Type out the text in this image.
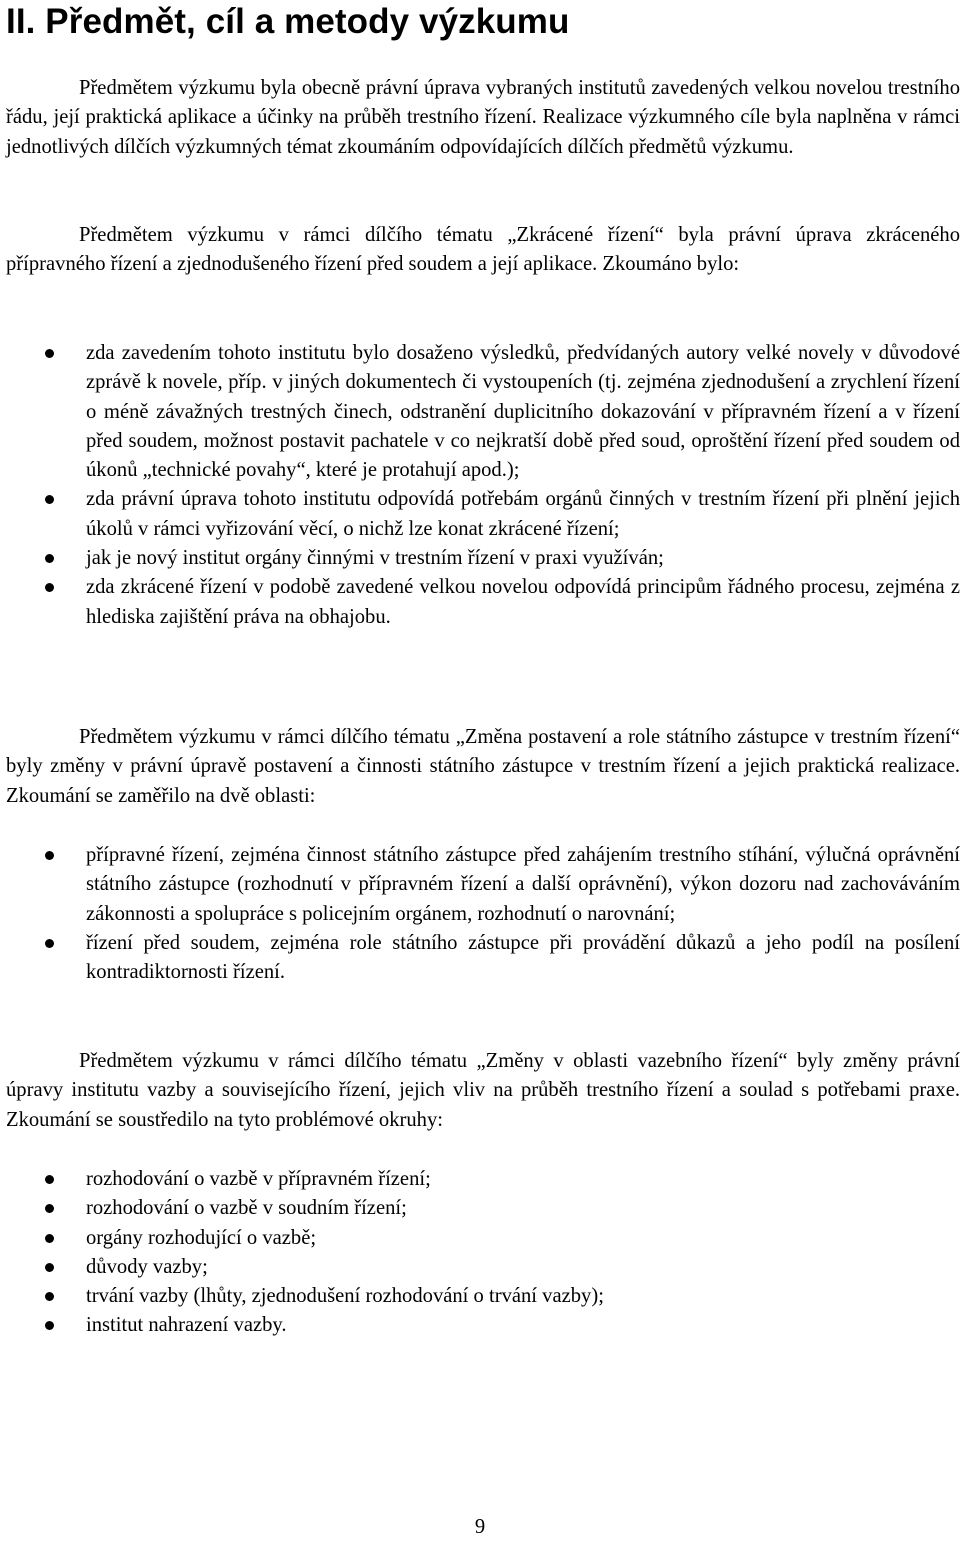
II. Předmět, cíl a metody výzkumu

Předmětem výzkumu byla obecně právní úprava vybraných institutů zavedených velkou novelou trestního řádu, její praktická aplikace a účinky na průběh trestního řízení. Realizace výzkumného cíle byla naplněna v rámci jednotlivých dílčích výzkumných témat zkoumáním odpovídajících dílčích předmětů výzkumu.

Předmětem výzkumu v rámci dílčího tématu „Zkrácené řízení“ byla právní úprava zkráceného přípravného řízení a zjednodušeného řízení před soudem a její aplikace. Zkoumáno bylo:

zda zavedením tohoto institutu bylo dosaženo výsledků, předvídaných autory velké novely v důvodové zprávě k novele, příp. v jiných dokumentech či vystoupeních (tj. zejména zjednodušení a zrychlení řízení o méně závažných trestných činech, odstranění duplicitního dokazování v přípravném řízení a v řízení před soudem, možnost postavit pachatele v co nejkratší době před soud, oproštění řízení před soudem od úkonů „technické povahy“, které je protahují apod.);
zda právní úprava tohoto institutu odpovídá potřebám orgánů činných v trestním řízení při plnění jejich úkolů v rámci vyřizování věcí, o nichž lze konat zkrácené řízení;
jak je nový institut orgány činnými v trestním řízení v praxi využíván;
zda zkrácené řízení v podobě zavedené velkou novelou odpovídá principům řádného procesu, zejména z hlediska zajištění práva na obhajobu.

Předmětem výzkumu v rámci dílčího tématu „Změna postavení a role státního zástupce v trestním řízení“ byly změny v právní úpravě postavení a činnosti státního zástupce v trestním řízení a jejich praktická realizace. Zkoumání se zaměřilo na dvě oblasti:

přípravné řízení, zejména činnost státního zástupce před zahájením trestního stíhání, výlučná oprávnění státního zástupce (rozhodnutí v přípravném řízení a další oprávnění), výkon dozoru nad zachováváním zákonnosti a spolupráce s policejním orgánem, rozhodnutí o narovnání;
řízení před soudem, zejména role státního zástupce při provádění důkazů a jeho podíl na posílení kontradiktornosti řízení.

Předmětem výzkumu v rámci dílčího tématu „Změny v oblasti vazebního řízení“ byly změny právní úpravy institutu vazby a souvisejícího řízení, jejich vliv na průběh trestního řízení a soulad s potřebami praxe. Zkoumání se soustředilo na tyto problémové okruhy:

rozhodování o vazbě v přípravném řízení;
rozhodování o vazbě v soudním řízení;
orgány rozhodující o vazbě;
důvody vazby;
trvání vazby (lhůty, zjednodušení rozhodování o trvání vazby);
institut nahrazení vazby.
9
